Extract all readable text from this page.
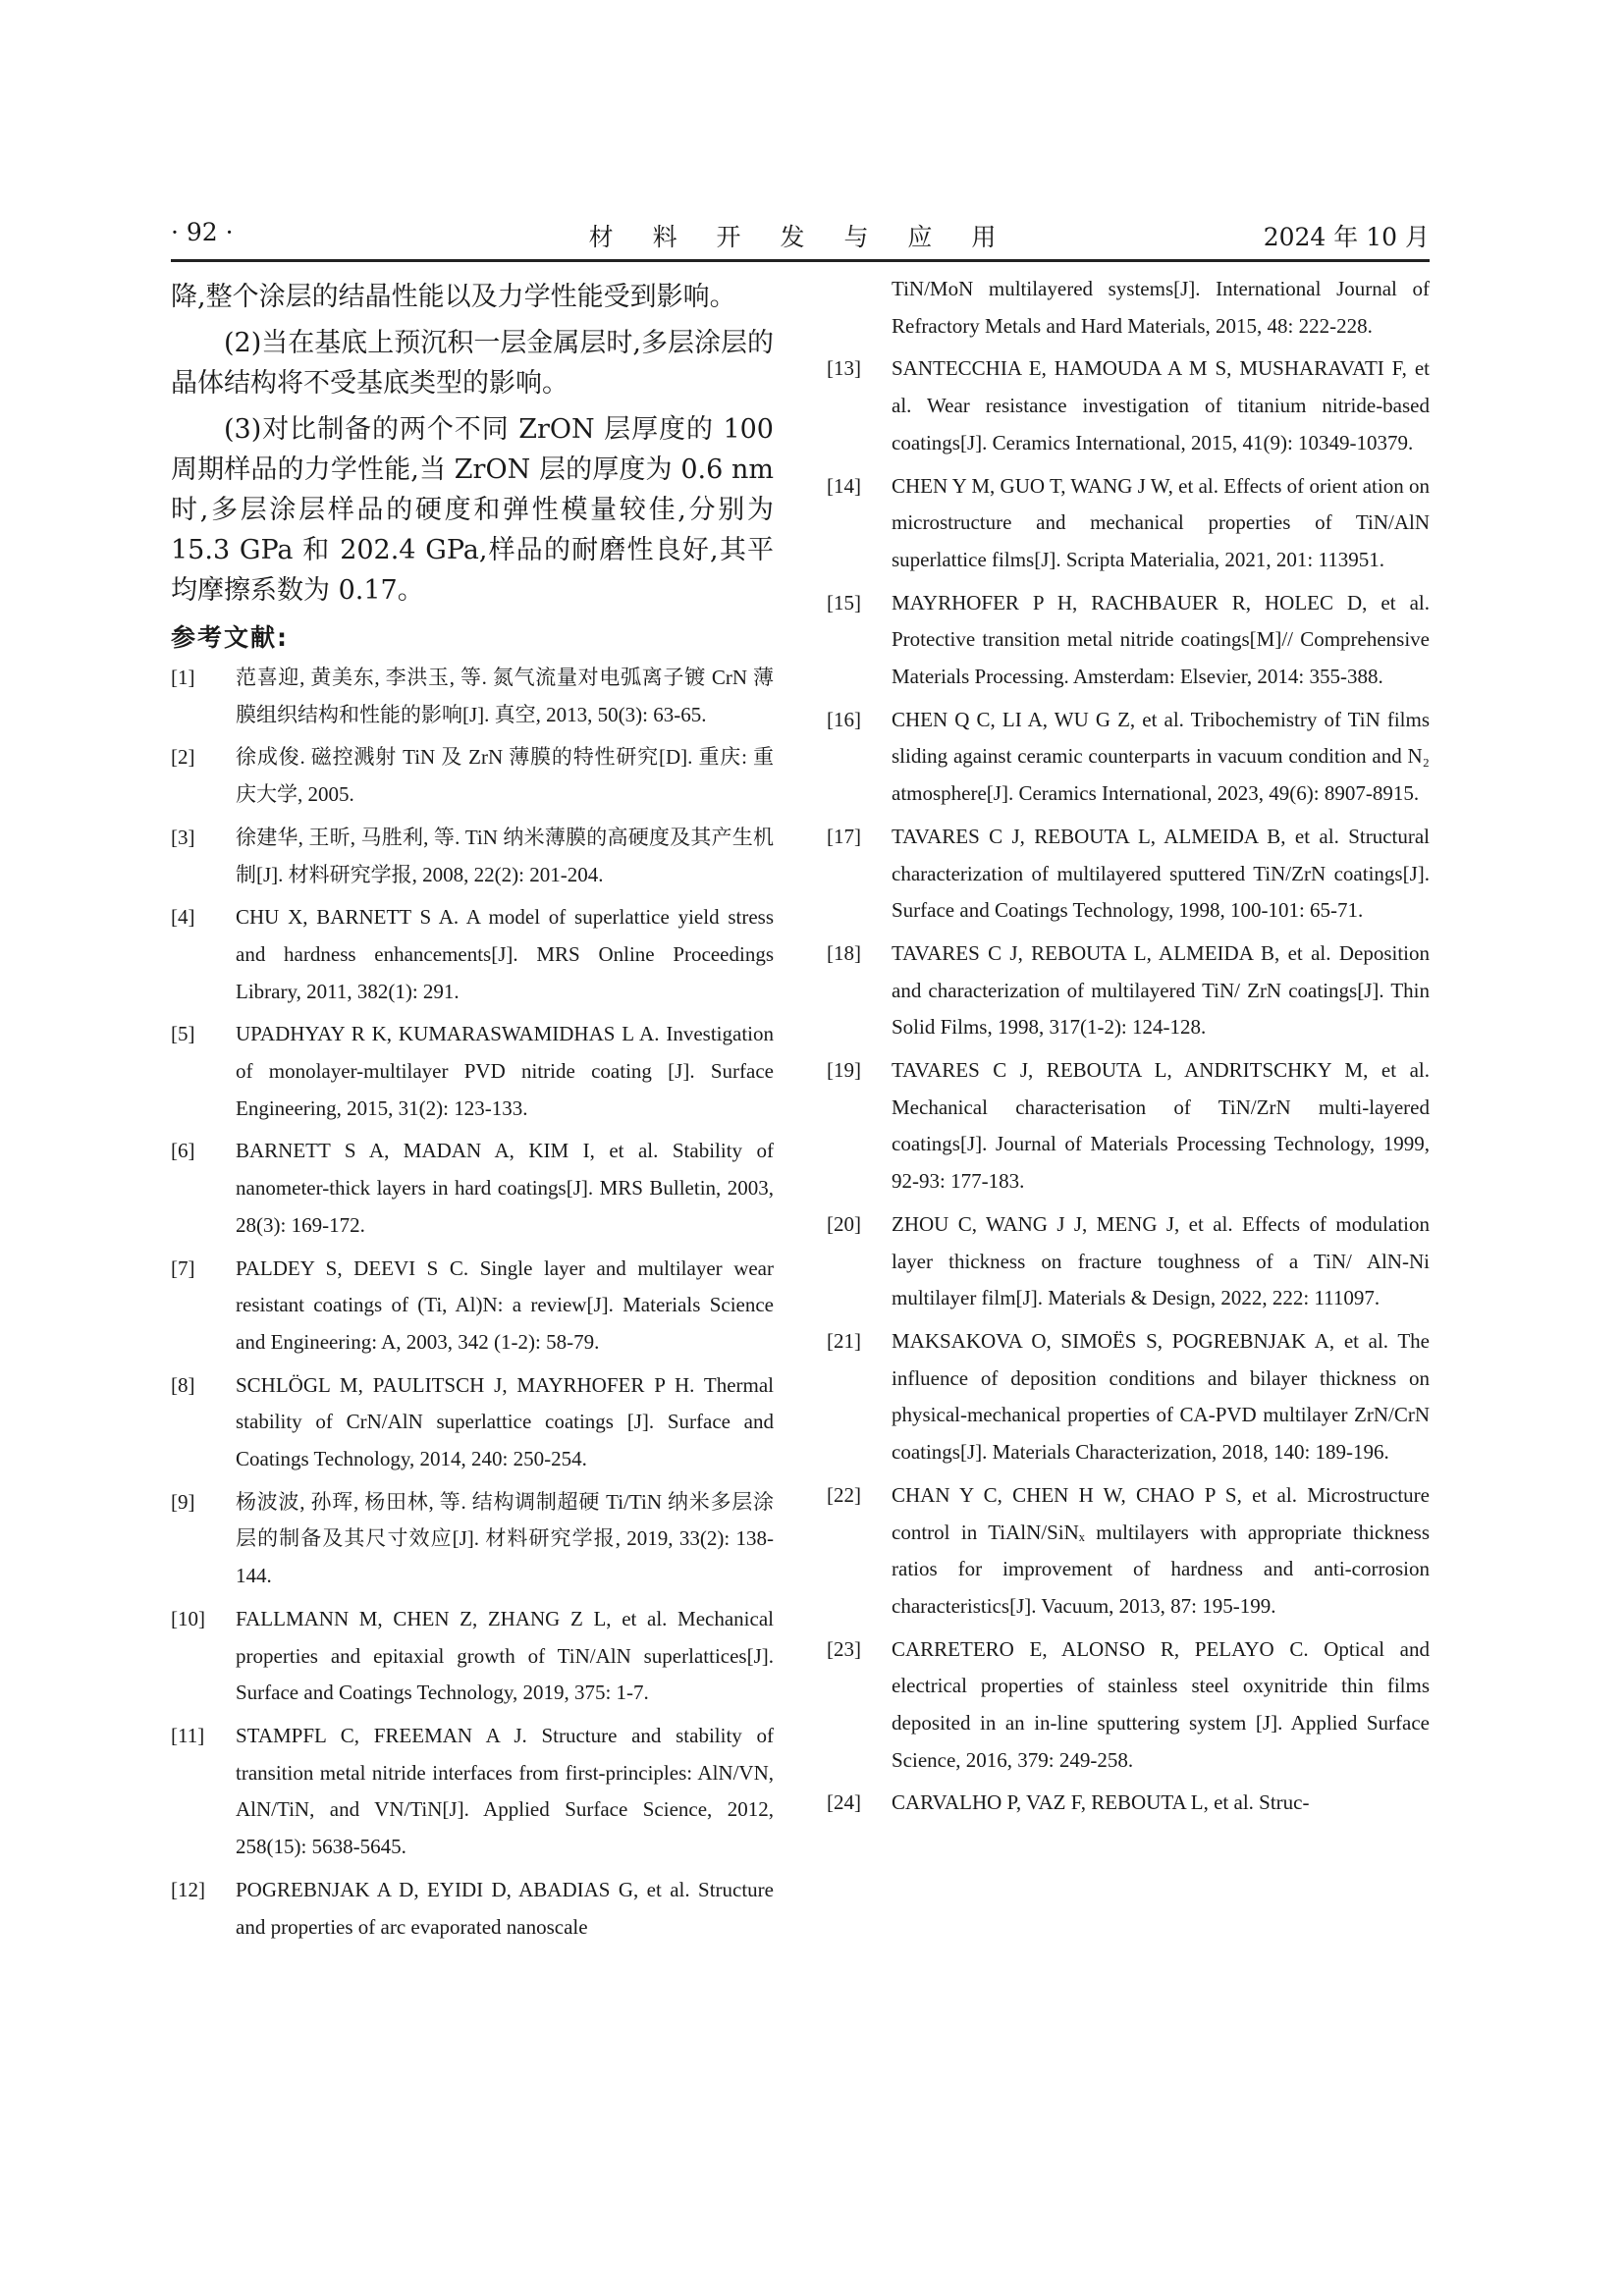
· 92 ·	材 料 开 发 与 应 用	2024 年 10 月

降,整个涂层的结晶性能以及力学性能受到影响。

(2)当在基底上预沉积一层金属层时,多层涂层的晶体结构将不受基底类型的影响。

(3)对比制备的两个不同 ZrON 层厚度的 100 周期样品的力学性能,当 ZrON 层的厚度为 0.6 nm 时,多层涂层样品的硬度和弹性模量较佳,分别为 15.3 GPa 和 202.4 GPa,样品的耐磨性良好,其平均摩擦系数为 0.17。

参考文献:
[1] 范喜迎, 黄美东, 李洪玉, 等. 氮气流量对电弧离子镀 CrN 薄膜组织结构和性能的影响[J]. 真空, 2013, 50(3): 63-65.
[2] 徐成俊. 磁控溅射 TiN 及 ZrN 薄膜的特性研究[D]. 重庆: 重庆大学, 2005.
[3] 徐建华, 王昕, 马胜利, 等. TiN 纳米薄膜的高硬度及其产生机制[J]. 材料研究学报, 2008, 22(2): 201-204.
[4] CHU X, BARNETT S A. A model of superlattice yield stress and hardness enhancements[J]. MRS Online Proceedings Library, 2011, 382(1): 291.
[5] UPADHYAY R K, KUMARASWAMIDHAS L A. Investigation of monolayer-multilayer PVD nitride coating [J]. Surface Engineering, 2015, 31(2): 123-133.
[6] BARNETT S A, MADAN A, KIM I, et al. Stability of nanometer-thick layers in hard coatings[J]. MRS Bulletin, 2003, 28(3): 169-172.
[7] PALDEY S, DEEVI S C. Single layer and multilayer wear resistant coatings of (Ti, Al)N: a review[J]. Materials Science and Engineering: A, 2003, 342 (1-2): 58-79.
[8] SCHLÖGL M, PAULITSCH J, MAYRHOFER P H. Thermal stability of CrN/AlN superlattice coatings [J]. Surface and Coatings Technology, 2014, 240: 250-254.
[9] 杨波波, 孙珲, 杨田林, 等. 结构调制超硬 Ti/TiN 纳米多层涂层的制备及其尺寸效应[J]. 材料研究学报, 2019, 33(2): 138-144.
[10] FALLMANN M, CHEN Z, ZHANG Z L, et al. Mechanical properties and epitaxial growth of TiN/AlN superlattices[J]. Surface and Coatings Technology, 2019, 375: 1-7.
[11] STAMPFL C, FREEMAN A J. Structure and stability of transition metal nitride interfaces from first-principles: AlN/VN, AlN/TiN, and VN/TiN[J]. Applied Surface Science, 2012, 258(15): 5638-5645.
[12] POGREBNJAK A D, EYIDI D, ABADIAS G, et al. Structure and properties of arc evaporated nanoscale
TiN/MoN multilayered systems[J]. International Journal of Refractory Metals and Hard Materials, 2015, 48: 222-228.
[13] SANTECCHIA E, HAMOUDA A M S, MUSHARAVATI F, et al. Wear resistance investigation of titanium nitride-based coatings[J]. Ceramics International, 2015, 41(9): 10349-10379.
[14] CHEN Y M, GUO T, WANG J W, et al. Effects of orient ation on microstructure and mechanical properties of TiN/AlN superlattice films[J]. Scripta Materialia, 2021, 201: 113951.
[15] MAYRHOFER P H, RACHBAUER R, HOLEC D, et al. Protective transition metal nitride coatings[M]// Comprehensive Materials Processing. Amsterdam: Elsevier, 2014: 355-388.
[16] CHEN Q C, LI A, WU G Z, et al. Tribochemistry of TiN films sliding against ceramic counterparts in vacuum condition and N₂ atmosphere[J]. Ceramics International, 2023, 49(6): 8907-8915.
[17] TAVARES C J, REBOUTA L, ALMEIDA B, et al. Structural characterization of multilayered sputtered TiN/ZrN coatings[J]. Surface and Coatings Technology, 1998, 100-101: 65-71.
[18] TAVARES C J, REBOUTA L, ALMEIDA B, et al. Deposition and characterization of multilayered TiN/ ZrN coatings[J]. Thin Solid Films, 1998, 317(1-2): 124-128.
[19] TAVARES C J, REBOUTA L, ANDRITSCHKY M, et al. Mechanical characterisation of TiN/ZrN multi-layered coatings[J]. Journal of Materials Processing Technology, 1999, 92-93: 177-183.
[20] ZHOU C, WANG J J, MENG J, et al. Effects of modulation layer thickness on fracture toughness of a TiN/ AlN-Ni multilayer film[J]. Materials & Design, 2022, 222: 111097.
[21] MAKSAKOVA O, SIMOËS S, POGREBNJAK A, et al. The influence of deposition conditions and bilayer thickness on physical-mechanical properties of CA-PVD multilayer ZrN/CrN coatings[J]. Materials Characterization, 2018, 140: 189-196.
[22] CHAN Y C, CHEN H W, CHAO P S, et al. Microstructure control in TiAlN/SiNₓ multilayers with appropriate thickness ratios for improvement of hardness and anti-corrosion characteristics[J]. Vacuum, 2013, 87: 195-199.
[23] CARRETERO E, ALONSO R, PELAYO C. Optical and electrical properties of stainless steel oxynitride thin films deposited in an in-line sputtering system [J]. Applied Surface Science, 2016, 379: 249-258.
[24] CARVALHO P, VAZ F, REBOUTA L, et al. Struc-
